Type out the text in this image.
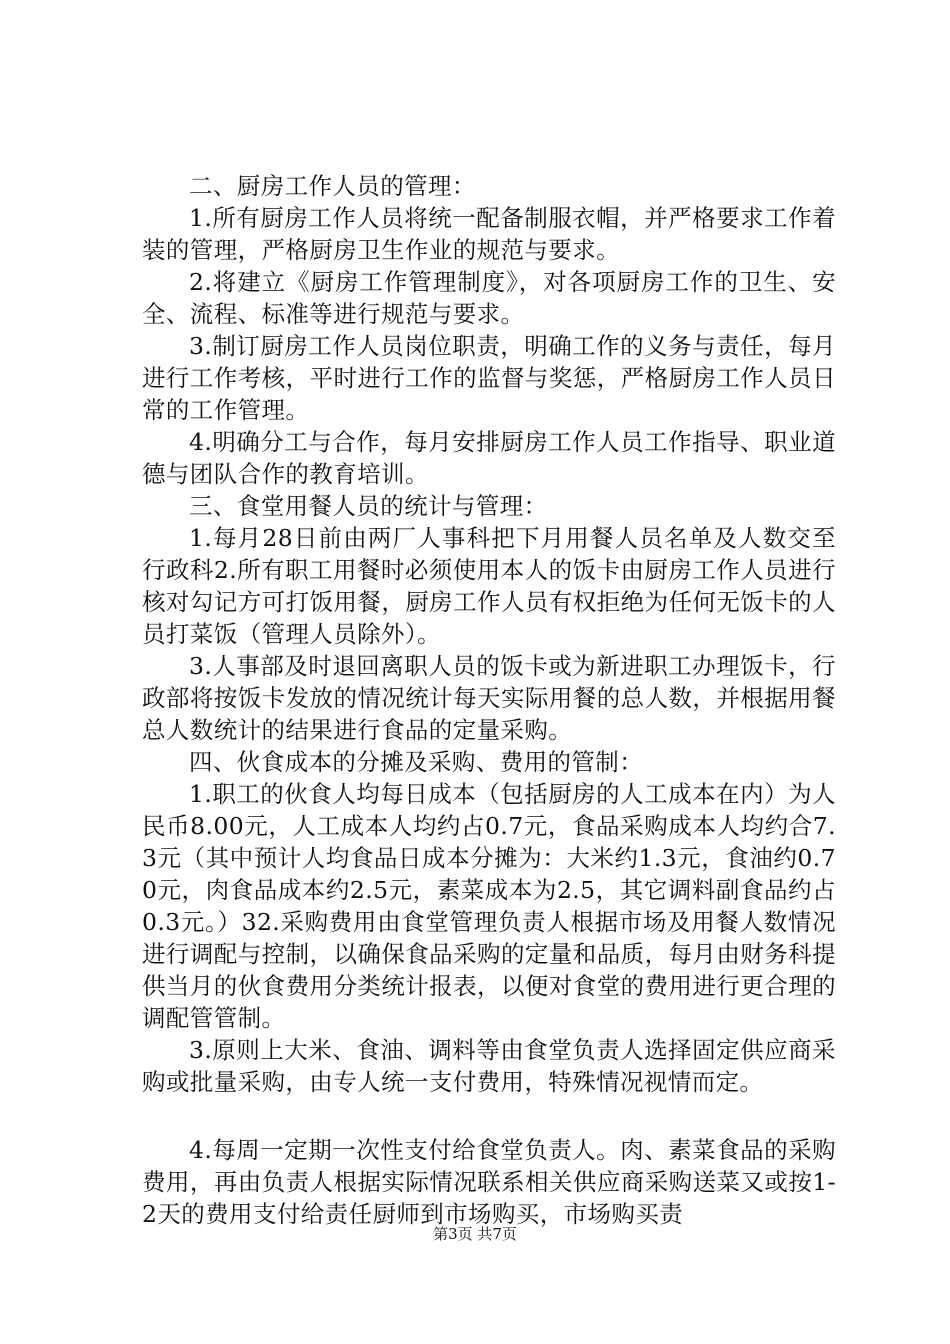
二、厨房工作人员的管理：

1.所有厨房工作人员将统一配备制服衣帽，并严格要求工作着装的管理，严格厨房卫生作业的规范与要求。

2.将建立《厨房工作管理制度》，对各项厨房工作的卫生、安全、流程、标准等进行规范与要求。

3.制订厨房工作人员岗位职责，明确工作的义务与责任，每月进行工作考核，平时进行工作的监督与奖惩，严格厨房工作人员日常的工作管理。

4.明确分工与合作，每月安排厨房工作人员工作指导、职业道德与团队合作的教育培训。

三、食堂用餐人员的统计与管理：

1.每月28日前由两厂人事科把下月用餐人员名单及人数交至行政科2.所有职工用餐时必须使用本人的饭卡由厨房工作人员进行核对勾记方可打饭用餐，厨房工作人员有权拒绝为任何无饭卡的人员打菜饭（管理人员除外）。

3.人事部及时退回离职人员的饭卡或为新进职工办理饭卡，行政部将按饭卡发放的情况统计每天实际用餐的总人数，并根据用餐总人数统计的结果进行食品的定量采购。

四、伙食成本的分摊及采购、费用的管制：

1.职工的伙食人均每日成本（包括厨房的人工成本在内）为人民币8.00元，人工成本人均约占0.7元，食品采购成本人均约合7.3元（其中预计人均食品日成本分摊为：大米约1.3元，食油约0.70元，肉食品成本约2.5元，素菜成本为2.5，其它调料副食品约占0.3元。）32.采购费用由食堂管理负责人根据市场及用餐人数情况进行调配与控制，以确保食品采购的定量和品质，每月由财务科提供当月的伙食费用分类统计报表，以便对食堂的费用进行更合理的调配管管制。

3.原则上大米、食油、调料等由食堂负责人选择固定供应商采购或批量采购，由专人统一支付费用，特殊情况视情而定。

4.每周一定期一次性支付给食堂负责人。肉、素菜食品的采购费用，再由负责人根据实际情况联系相关供应商采购送菜又或按1-2天的费用支付给责任厨师到市场购买，市场购买责

第3页 共7页
